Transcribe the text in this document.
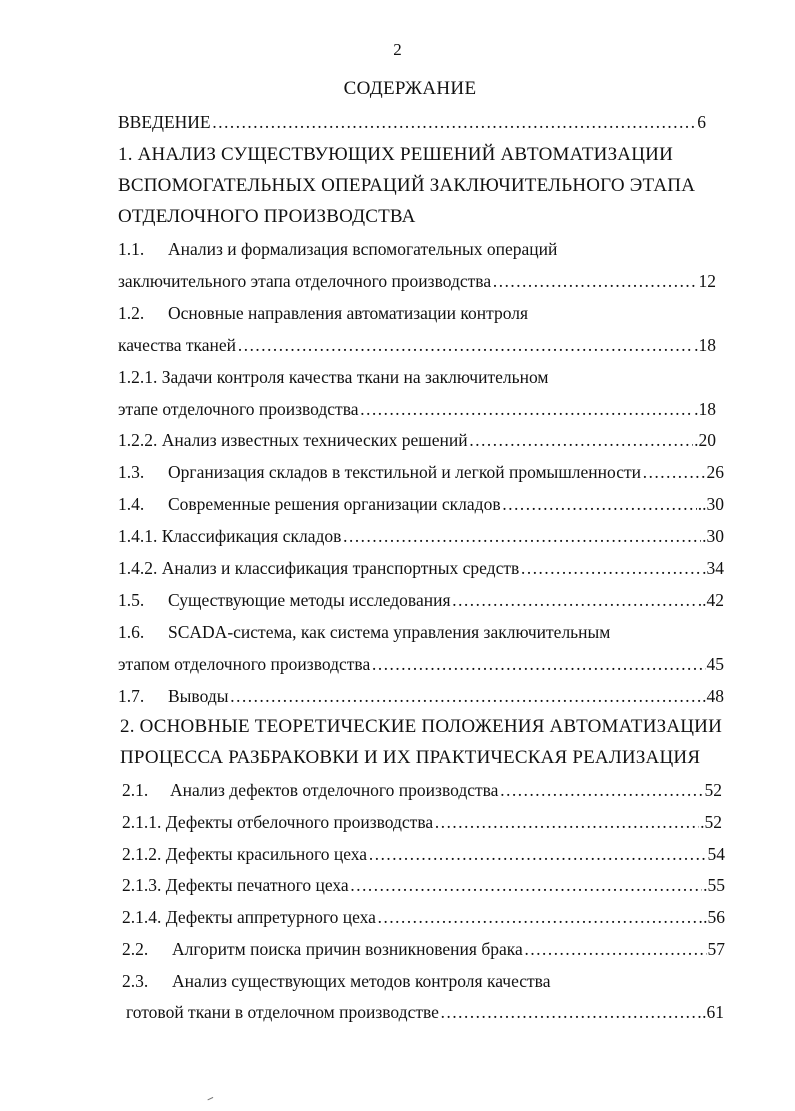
2
СОДЕРЖАНИЕ
ВВЕДЕНИЕ ……………………………………………………………………………………………………………………………………………………………………………………………………………………	6
1. АНАЛИЗ СУЩЕСТВУЮЩИХ РЕШЕНИЙ АВТОМАТИЗАЦИИ
ВСПОМОГАТЕЛЬНЫХ ОПЕРАЦИЙ ЗАКЛЮЧИТЕЛЬНОГО ЭТАПА
ОТДЕЛОЧНОГО ПРОИЗВОДСТВА
1.1. Анализ и формализация вспомогательных операций
заключительного этапа отделочного производства ……………………………………………………………………………………………………………………………………………………………………………………………………………………	12
1.2. Основные направления автоматизации контроля
качества тканей ……………………………………………………………………………………………………………………………………………………………………………………………………………………	.18
1.2.1. Задачи контроля качества ткани на заключительном
этапе отделочного производства ……………………………………………………………………………………………………………………………………………………………………………………………………………………	.18
1.2.2. Анализ известных технических решений ……………………………………………………………………………………………………………………………………………………………………………………………………………………	.20
1.3. Организация складов в текстильной и легкой промышленности ……………………………………………………………………………………………………………………………………………………………………………………………………………………	26
1.4. Современные решения организации складов ……………………………………………………………………………………………………………………………………………………………………………………………………………………	..30
1.4.1. Классификация складов ……………………………………………………………………………………………………………………………………………………………………………………………………………………	.30
1.4.2. Анализ и классификация транспортных средств ……………………………………………………………………………………………………………………………………………………………………………………………………………………	.34
1.5. Существующие методы исследования ……………………………………………………………………………………………………………………………………………………………………………………………………………………	..42
1.6. SCADA-система, как система управления заключительным
этапом отделочного производства ……………………………………………………………………………………………………………………………………………………………………………………………………………………	45
1.7. Выводы ……………………………………………………………………………………………………………………………………………………………………………………………………………………	.48
2. ОСНОВНЫЕ ТЕОРЕТИЧЕСКИЕ ПОЛОЖЕНИЯ АВТОМАТИЗАЦИИ
ПРОЦЕССА РАЗБРАКОВКИ И ИХ ПРАКТИЧЕСКАЯ РЕАЛИЗАЦИЯ
2.1. Анализ дефектов отделочного производства ……………………………………………………………………………………………………………………………………………………………………………………………………………………	52
2.1.1. Дефекты отбелочного производства ……………………………………………………………………………………………………………………………………………………………………………………………………………………	.52
2.1.2. Дефекты красильного цеха ……………………………………………………………………………………………………………………………………………………………………………………………………………………	54
2.1.3. Дефекты печатного цеха ……………………………………………………………………………………………………………………………………………………………………………………………………………………	.55
2.1.4. Дефекты аппретурного цеха ……………………………………………………………………………………………………………………………………………………………………………………………………………………	.56
2.2. Алгоритм поиска причин возникновения брака ……………………………………………………………………………………………………………………………………………………………………………………………………………………	57
2.3. Анализ существующих методов контроля качества
готовой ткани в отделочном производстве ……………………………………………………………………………………………………………………………………………………………………………………………………………………	.61
